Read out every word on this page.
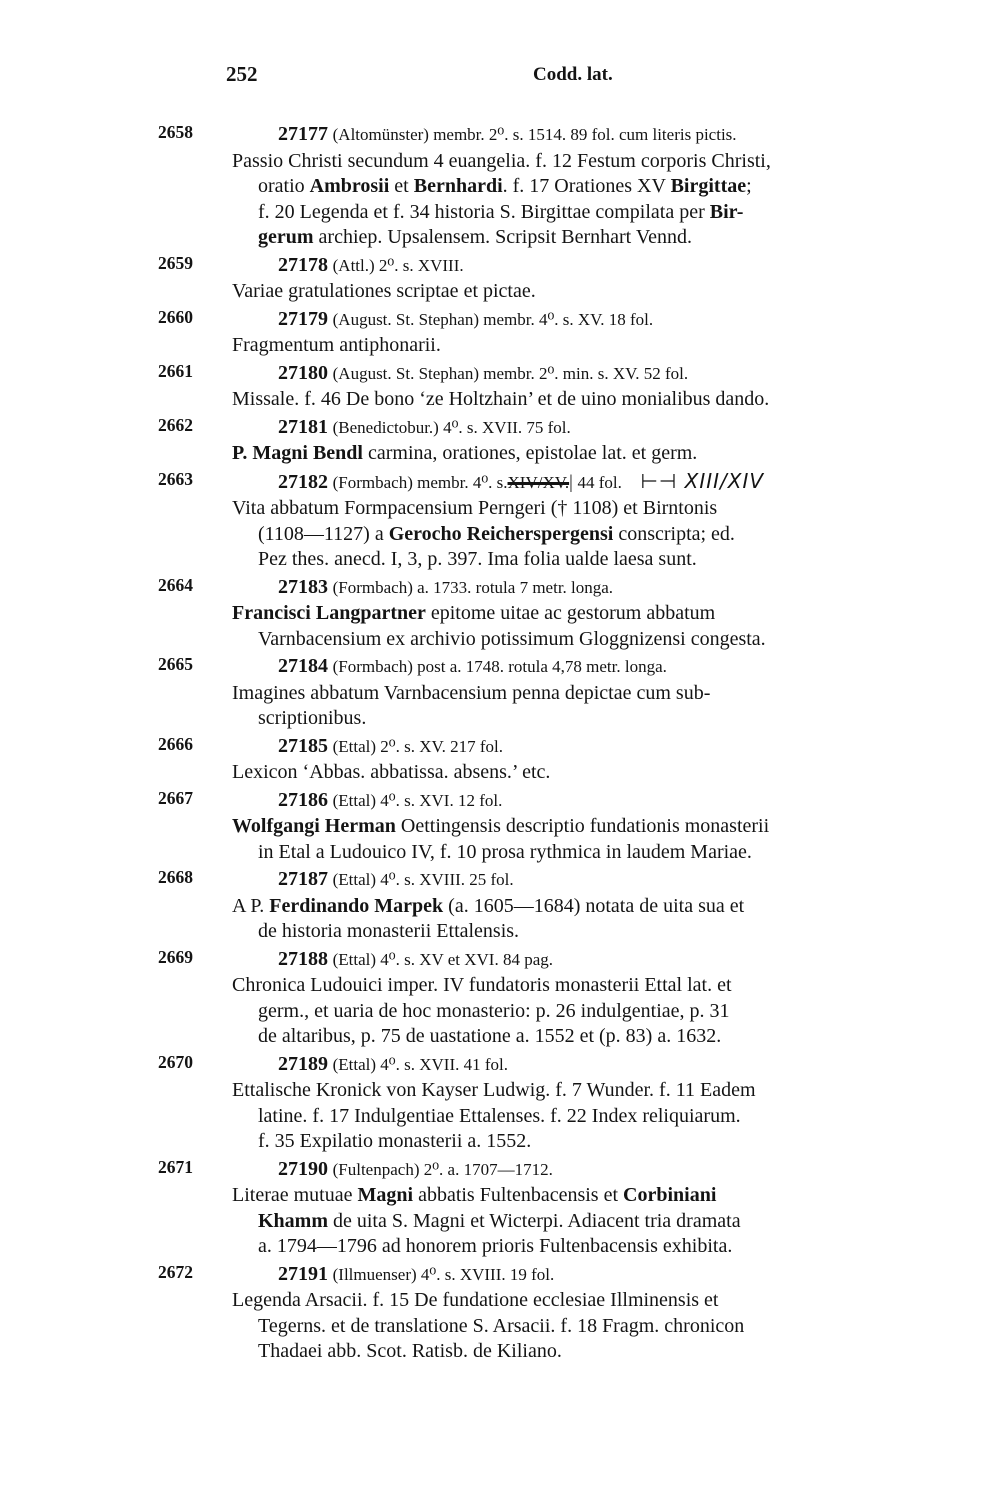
252	Codd. lat.
2658	27177 (Altomünster) membr. 2⁰. s. 1514. 89 fol. cum literis pictis.
Passio Christi secundum 4 euangelia. f. 12 Festum corporis Christi,
oratio Ambrosii et Bernhardi. f. 17 Orationes XV Birgittae;
f. 20 Legenda et f. 34 historia S. Birgittae compilata per Bir-
gerum archiep. Upsalensem. Scripsit Bernhart Vennd.
2659	27178 (Attl.) 2⁰. s. XVIII.
Variae gratulationes scriptae et pictae.
2660	27179 (August. St. Stephan) membr. 4⁰. s. XV. 18 fol.
Fragmentum antiphonarii.
2661	27180 (August. St. Stephan) membr. 2⁰. min. s. XV. 52 fol.
Missale. f. 46 De bono ‘ze Holtzhain’ et de uino monialibus dando.
2662	27181 (Benedictobur.) 4⁰. s. XVII. 75 fol.
P. Magni Bendl carmina, orationes, epistolae lat. et germ.
2663	27182 (Formbach) membr. 4⁰. s.XIV/XV.| 44 fol. ⊢⊣ XIII/XIV
Vita abbatum Formpacensium Perngeri († 1108) et Birntonis
(1108—1127) a Gerocho Reicherspergensi conscripta; ed.
Pez thes. anecd. I, 3, p. 397. Ima folia ualde laesa sunt.
2664	27183 (Formbach) a. 1733. rotula 7 metr. longa.
Francisci Langpartner epitome uitae ac gestorum abbatum
Varnbacensium ex archivio potissimum Gloggnizensi congesta.
2665	27184 (Formbach) post a. 1748. rotula 4,78 metr. longa.
Imagines abbatum Varnbacensium penna depictae cum sub-
scriptionibus.
2666	27185 (Ettal) 2⁰. s. XV. 217 fol.
Lexicon ‘Abbas. abbatissa. absens.’ etc.
2667	27186 (Ettal) 4⁰. s. XVI. 12 fol.
Wolfgangi Herman Oettingensis descriptio fundationis monasterii
in Etal a Ludouico IV, f. 10 prosa rythmica in laudem Mariae.
2668	27187 (Ettal) 4⁰. s. XVIII. 25 fol.
A P. Ferdinando Marpek (a. 1605—1684) notata de uita sua et
de historia monasterii Ettalensis.
2669	27188 (Ettal) 4⁰. s. XV et XVI. 84 pag.
Chronica Ludouici imper. IV fundatoris monasterii Ettal lat. et
germ., et uaria de hoc monasterio: p. 26 indulgentiae, p. 31
de altaribus, p. 75 de uastatione a. 1552 et (p. 83) a. 1632.
2670	27189 (Ettal) 4⁰. s. XVII. 41 fol.
Ettalische Kronick von Kayser Ludwig. f. 7 Wunder. f. 11 Eadem
latine. f. 17 Indulgentiae Ettalenses. f. 22 Index reliquiarum.
f. 35 Expilatio monasterii a. 1552.
2671	27190 (Fultenpach) 2⁰. a. 1707—1712.
Literae mutuae Magni abbatis Fultenbacensis et Corbiniani
Khamm de uita S. Magni et Wicterpi. Adiacent tria dramata
a. 1794—1796 ad honorem prioris Fultenbacensis exhibita.
2672	27191 (Illmuenser) 4⁰. s. XVIII. 19 fol.
Legenda Arsacii. f. 15 De fundatione ecclesiae Illminensis et
Tegerns. et de translatione S. Arsacii. f. 18 Fragm. chronicon
Thadaei abb. Scot. Ratisb. de Kiliano.
